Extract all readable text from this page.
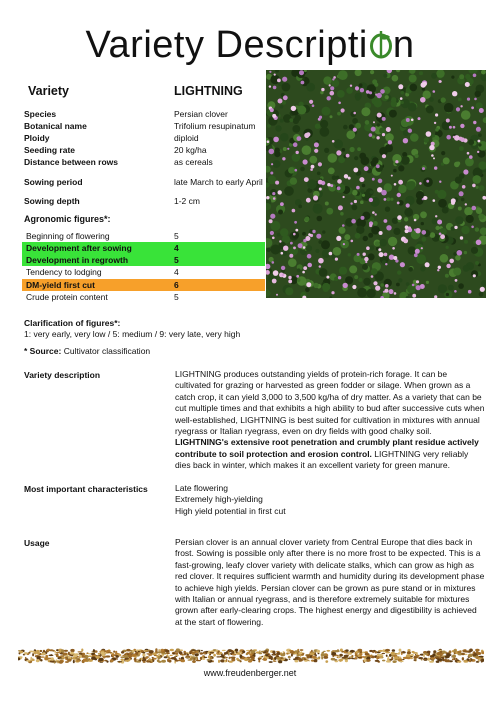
Variety Descripti n
Variety	LIGHTNING
Species	Persian clover
Botanical name	Trifolium resupinatum
Ploidy	diploid
Seeding rate	20 kg/ha
Distance between rows	as cereals
Sowing period	late March to early April
Sowing depth	1-2 cm
Agronomic figures*:
Beginning of flowering	5
Development after sowing	4
Development in regrowth	5
Tendency to lodging	4
DM-yield first cut	6
Crude protein content	5
Clarification of figures*:
1: very early, very low / 5: medium / 9: very late, very high
* Source: Cultivator classification
Variety description	LIGHTNING produces outstanding yields of protein-rich forage. It can be cultivated for grazing or harvested as green fodder or silage. When grown as a catch crop, it can yield 3,000 to 3,500 kg/ha of dry matter. As a variety that can be cut multiple times and that exhibits a high ability to bud after successive cuts when well-established, LIGHTNING is best suited for cultivation in mixtures with annual ryegrass or Italian ryegrass, even on dry fields with good chalky soil. LIGHTNING's extensive root penetration and crumbly plant residue actively contribute to soil protection and erosion control. LIGHTNING very reliably dies back in winter, which makes it an excellent variety for green manure.
Most important characteristics	Late flowering
Extremely high-yielding
High yield potential in first cut
Usage	Persian clover is an annual clover variety from Central Europe that dies back in frost. Sowing is possible only after there is no more frost to be expected. This is a fast-growing, leafy clover variety with delicate stalks, which can grow as high as red clover. It requires sufficient warmth and humidity during its development phase to achieve high yields. Persian clover can be grown as pure stand or in mixtures with Italian or annual ryegrass, and is therefore extremely suitable for mixtures grown after early-clearing crops. The highest energy and digestibility is achieved at the start of flowering.
www.freudenberger.net
